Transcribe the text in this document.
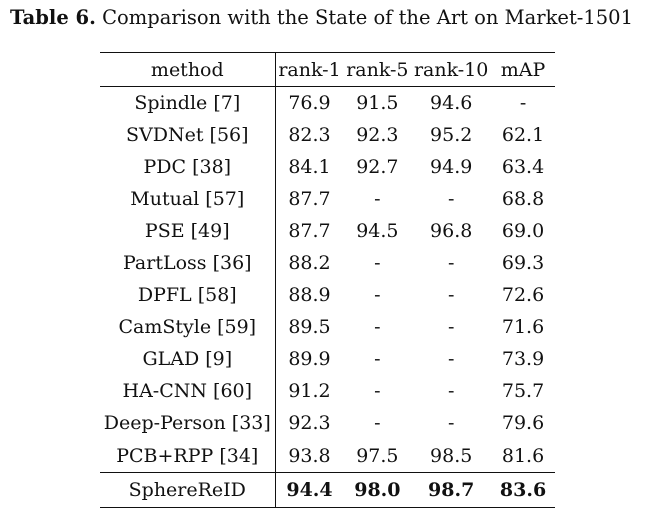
Table 6. Comparison with the State of the Art on Market-1501
method	rank-1	rank-5	rank-10	mAP
Spindle [7]	76.9	91.5	94.6	-
SVDNet [56]	82.3	92.3	95.2	62.1
PDC [38]	84.1	92.7	94.9	63.4
Mutual [57]	87.7	-	-	68.8
PSE [49]	87.7	94.5	96.8	69.0
PartLoss [36]	88.2	-	-	69.3
DPFL [58]	88.9	-	-	72.6
CamStyle [59]	89.5	-	-	71.6
GLAD [9]	89.9	-	-	73.9
HA-CNN [60]	91.2	-	-	75.7
Deep-Person [33]	92.3	-	-	79.6
PCB+RPP [34]	93.8	97.5	98.5	81.6
SphereReID	94.4	98.0	98.7	83.6
